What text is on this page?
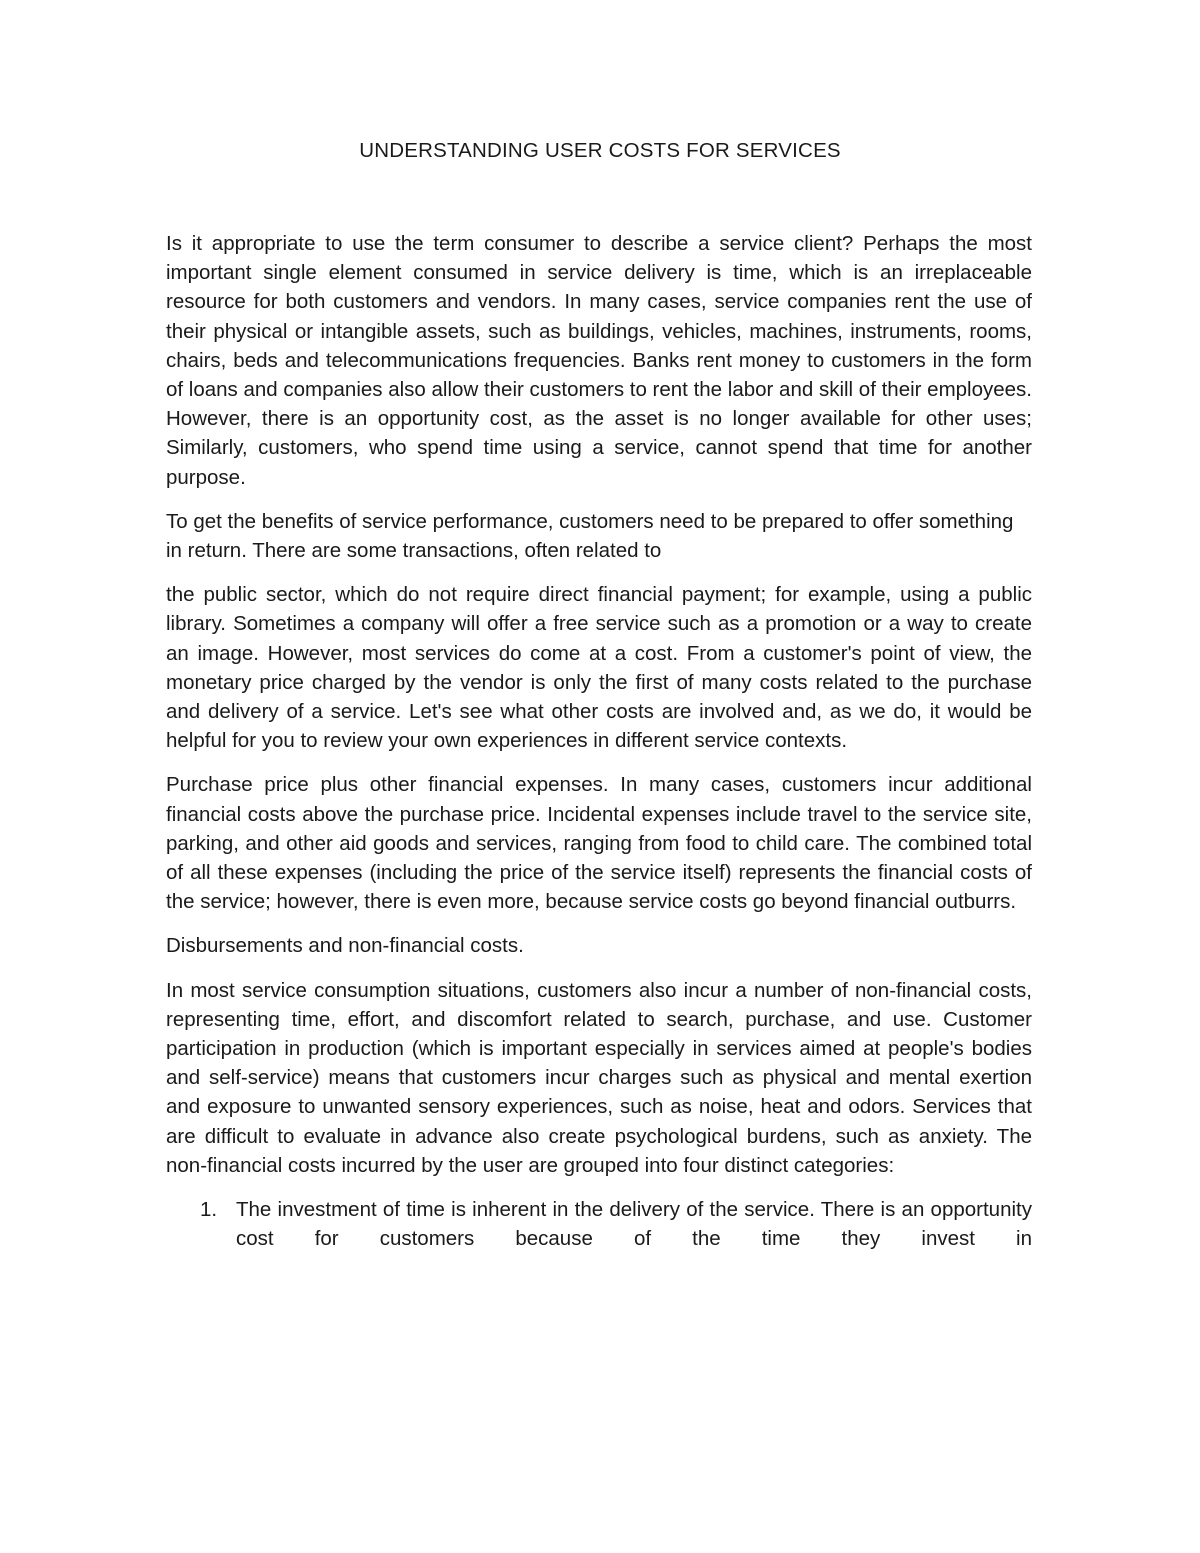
UNDERSTANDING USER COSTS FOR SERVICES

Is it appropriate to use the term consumer to describe a service client? Perhaps the most important single element consumed in service delivery is time, which is an irreplaceable resource for both customers and vendors. In many cases, service companies rent the use of their physical or intangible assets, such as buildings, vehicles, machines, instruments, rooms, chairs, beds and telecommunications frequencies. Banks rent money to customers in the form of loans and companies also allow their customers to rent the labor and skill of their employees. However, there is an opportunity cost, as the asset is no longer available for other uses; Similarly, customers, who spend time using a service, cannot spend that time for another purpose.

To get the benefits of service performance, customers need to be prepared to offer something in return. There are some transactions, often related to

the public sector, which do not require direct financial payment; for example, using a public library. Sometimes a company will offer a free service such as a promotion or a way to create an image. However, most services do come at a cost. From a customer's point of view, the monetary price charged by the vendor is only the first of many costs related to the purchase and delivery of a service. Let's see what other costs are involved and, as we do, it would be helpful for you to review your own experiences in different service contexts.

Purchase price plus other financial expenses. In many cases, customers incur additional financial costs above the purchase price. Incidental expenses include travel to the service site, parking, and other aid goods and services, ranging from food to child care. The combined total of all these expenses (including the price of the service itself) represents the financial costs of the service; however, there is even more, because service costs go beyond financial outburrs.

Disbursements and non-financial costs.

In most service consumption situations, customers also incur a number of non-financial costs, representing time, effort, and discomfort related to search, purchase, and use. Customer participation in production (which is important especially in services aimed at people's bodies and self-service) means that customers incur charges such as physical and mental exertion and exposure to unwanted sensory experiences, such as noise, heat and odors. Services that are difficult to evaluate in advance also create psychological burdens, such as anxiety. The non-financial costs incurred by the user are grouped into four distinct categories:

1. The investment of time is inherent in the delivery of the service. There is an opportunity cost for customers because of the time they invest in
